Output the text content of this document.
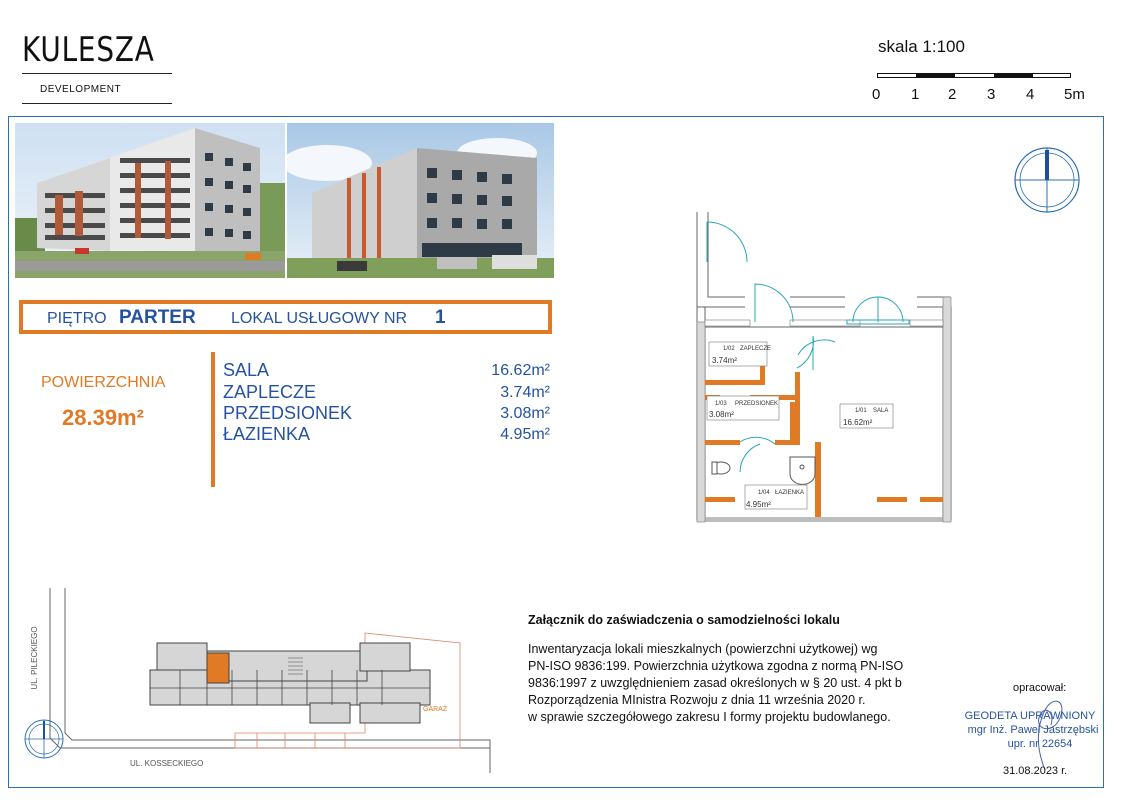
KULESZA
DEVELOPMENT
skala 1:100
0 1 2 3 4 5m
PIĘTRO PARTER LOKAL USŁUGOWY NR 1
POWIERZCHNIA
28.39m²
SALA	16.62m²
ZAPLECZE	3.74m²
PRZEDSIONEK	3.08m²
ŁAZIENKA	4.95m²
1/02 ZAPLECZE
1/03 PRZEDSIONEK
1/01 SALA
1/04 ŁAZIENKA
3.74m²
3.08m²
16.62m²
4.95m²
UL. PILECKIEGO
UL. KOSSECKIEGO
GARAŻ
Załącznik do zaświadczenia o samodzielności lokalu
Inwentaryzacja lokali mieszkalnych (powierzchni użytkowej) wg
PN-ISO 9836:199. Powierzchnia użytkowa zgodna z normą PN-ISO
9836:1997 z uwzględnieniem zasad określonych w § 20 ust. 4 pkt b
Rozporządzenia MInistra Rozwoju z dnia 11 września 2020 r.
w sprawie szczegółowego zakresu I formy projektu budowlanego.
opracował:
GEODETA UPRAWNIONY
mgr Inż. Paweł Jastrzębski
upr. nr 22654
31.08.2023 r.
